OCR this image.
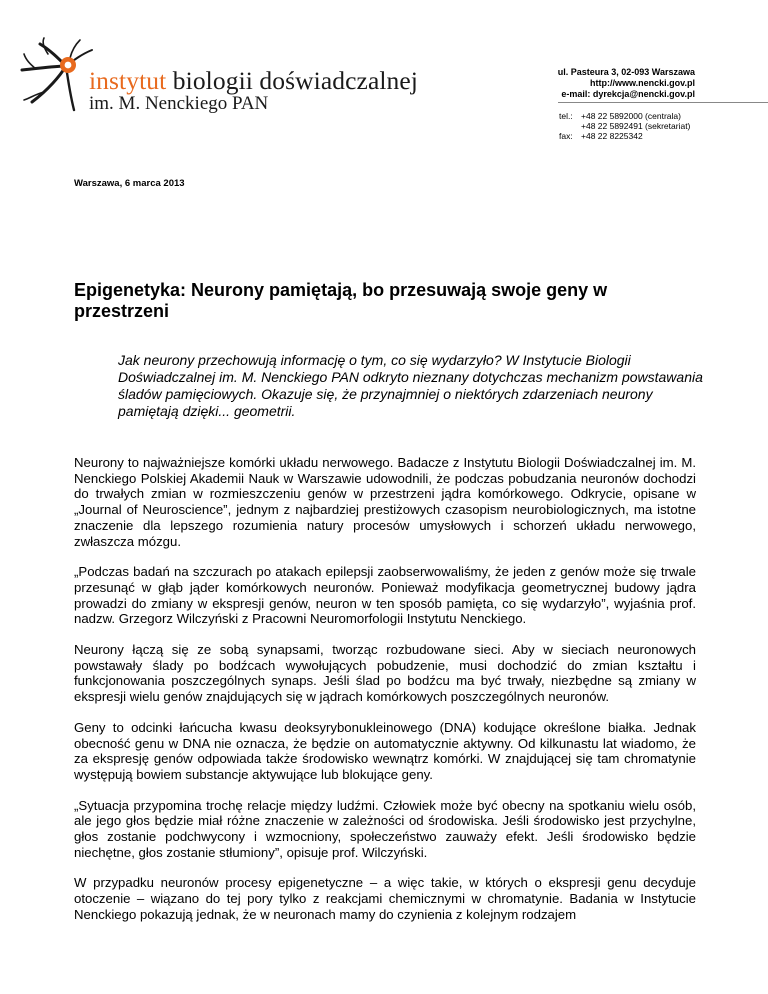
instytut biologii doświadczalnej
im. M. Nenckiego PAN
ul. Pasteura 3, 02-093 Warszawa
http://www.nencki.gov.pl
e-mail: dyrekcja@nencki.gov.pl
tel.: +48 22 5892000 (centrala)
+48 22 5892491 (sekretariat)
fax: +48 22 8225342
Warszawa, 6 marca 2013
Epigenetyka: Neurony pamiętają, bo przesuwają swoje geny w przestrzeni

Jak neurony przechowują informację o tym, co się wydarzyło? W Instytucie Biologii Doświadczalnej im. M. Nenckiego PAN odkryto nieznany dotychczas mechanizm powstawania śladów pamięciowych. Okazuje się, że przynajmniej o niektórych zdarzeniach neurony pamiętają dzięki... geometrii.

Neurony to najważniejsze komórki układu nerwowego. Badacze z Instytutu Biologii Doświadczalnej im. M. Nenckiego Polskiej Akademii Nauk w Warszawie udowodnili, że podczas pobudzania neuronów dochodzi do trwałych zmian w rozmieszczeniu genów w przestrzeni jądra komórkowego. Odkrycie, opisane w „Journal of Neuroscience”, jednym z najbardziej prestiżowych czasopism neurobiologicznych, ma istotne znaczenie dla lepszego rozumienia natury procesów umysłowych i schorzeń układu nerwowego, zwłaszcza mózgu.

„Podczas badań na szczurach po atakach epilepsji zaobserwowaliśmy, że jeden z genów może się trwale przesunąć w głąb jąder komórkowych neuronów. Ponieważ modyfikacja geometrycznej budowy jądra prowadzi do zmiany w ekspresji genów, neuron w ten sposób pamięta, co się wydarzyło”, wyjaśnia prof. nadzw. Grzegorz Wilczyński z Pracowni Neuromorfologii Instytutu Nenckiego.

Neurony łączą się ze sobą synapsami, tworząc rozbudowane sieci. Aby w sieciach neuronowych powstawały ślady po bodźcach wywołujących pobudzenie, musi dochodzić do zmian kształtu i funkcjonowania poszczególnych synaps. Jeśli ślad po bodźcu ma być trwały, niezbędne są zmiany w ekspresji wielu genów znajdujących się w jądrach komórkowych poszczególnych neuronów.

Geny to odcinki łańcucha kwasu deoksyrybonukleinowego (DNA) kodujące określone białka. Jednak obecność genu w DNA nie oznacza, że będzie on automatycznie aktywny. Od kilkunastu lat wiadomo, że za ekspresję genów odpowiada także środowisko wewnątrz komórki. W znajdującej się tam chromatynie występują bowiem substancje aktywujące lub blokujące geny.

„Sytuacja przypomina trochę relacje między ludźmi. Człowiek może być obecny na spotkaniu wielu osób, ale jego głos będzie miał różne znaczenie w zależności od środowiska. Jeśli środowisko jest przychylne, głos zostanie podchwycony i wzmocniony, społeczeństwo zauważy efekt. Jeśli środowisko będzie niechętne, głos zostanie stłumiony”, opisuje prof. Wilczyński.

W przypadku neuronów procesy epigenetyczne – a więc takie, w których o ekspresji genu decyduje otoczenie – wiązano do tej pory tylko z reakcjami chemicznymi w chromatynie. Badania w Instytucie Nenckiego pokazują jednak, że w neuronach mamy do czynienia z kolejnym rodzajem
